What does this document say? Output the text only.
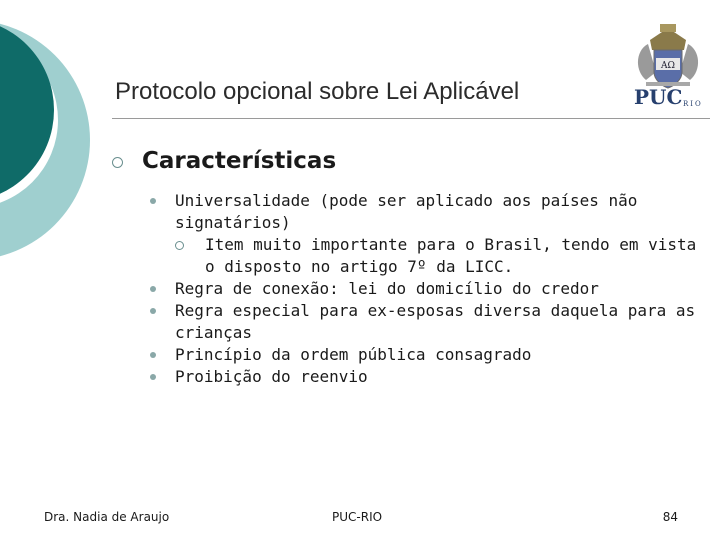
AΩ
PUC RIO
Protocolo opcional sobre Lei Aplicável
Características
Universalidade (pode ser aplicado aos países não signatários)
Item muito importante para o Brasil, tendo em vista o disposto no artigo 7º da LICC.
Regra de conexão: lei do domicílio do credor
Regra especial para ex-esposas diversa daquela para as crianças
Princípio da ordem pública consagrado
Proibição do reenvio
Dra. Nadia de Araujo	PUC-RIO	84
